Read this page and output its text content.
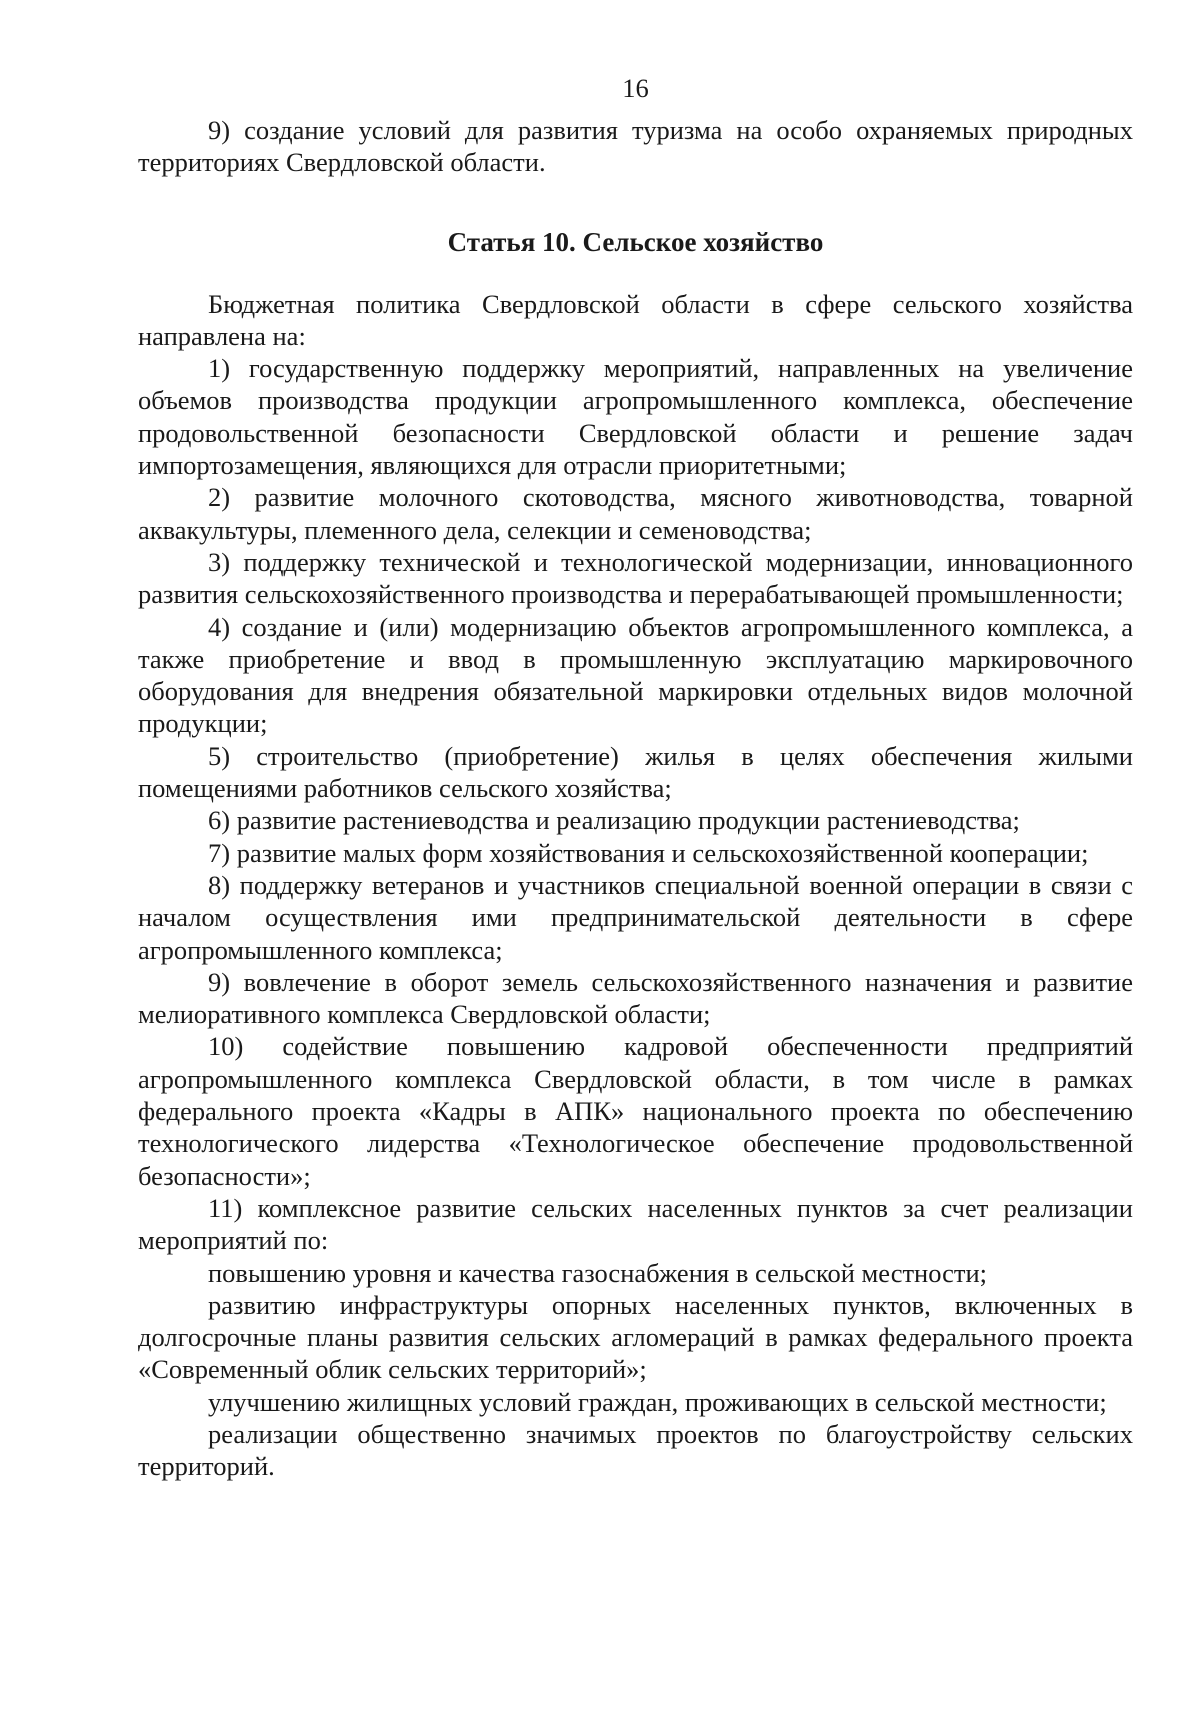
16

9) создание условий для развития туризма на особо охраняемых природных территориях Свердловской области.

Статья 10. Сельское хозяйство

Бюджетная политика Свердловской области в сфере сельского хозяйства направлена на:

1) государственную поддержку мероприятий, направленных на увеличение объемов производства продукции агропромышленного комплекса, обеспечение продовольственной безопасности Свердловской области и решение задач импортозамещения, являющихся для отрасли приоритетными;

2) развитие молочного скотоводства, мясного животноводства, товарной аквакультуры, племенного дела, селекции и семеноводства;

3) поддержку технической и технологической модернизации, инновационного развития сельскохозяйственного производства и перерабатывающей промышленности;

4) создание и (или) модернизацию объектов агропромышленного комплекса, а также приобретение и ввод в промышленную эксплуатацию маркировочного оборудования для внедрения обязательной маркировки отдельных видов молочной продукции;

5) строительство (приобретение) жилья в целях обеспечения жилыми помещениями работников сельского хозяйства;

6) развитие растениеводства и реализацию продукции растениеводства;

7) развитие малых форм хозяйствования и сельскохозяйственной кооперации;

8) поддержку ветеранов и участников специальной военной операции в связи с началом осуществления ими предпринимательской деятельности в сфере агропромышленного комплекса;

9) вовлечение в оборот земель сельскохозяйственного назначения и развитие мелиоративного комплекса Свердловской области;

10) содействие повышению кадровой обеспеченности предприятий агропромышленного комплекса Свердловской области, в том числе в рамках федерального проекта «Кадры в АПК» национального проекта по обеспечению технологического лидерства «Технологическое обеспечение продовольственной безопасности»;

11) комплексное развитие сельских населенных пунктов за счет реализации мероприятий по:

повышению уровня и качества газоснабжения в сельской местности;

развитию инфраструктуры опорных населенных пунктов, включенных в долгосрочные планы развития сельских агломераций в рамках федерального проекта «Современный облик сельских территорий»;

улучшению жилищных условий граждан, проживающих в сельской местности;

реализации общественно значимых проектов по благоустройству сельских территорий.
